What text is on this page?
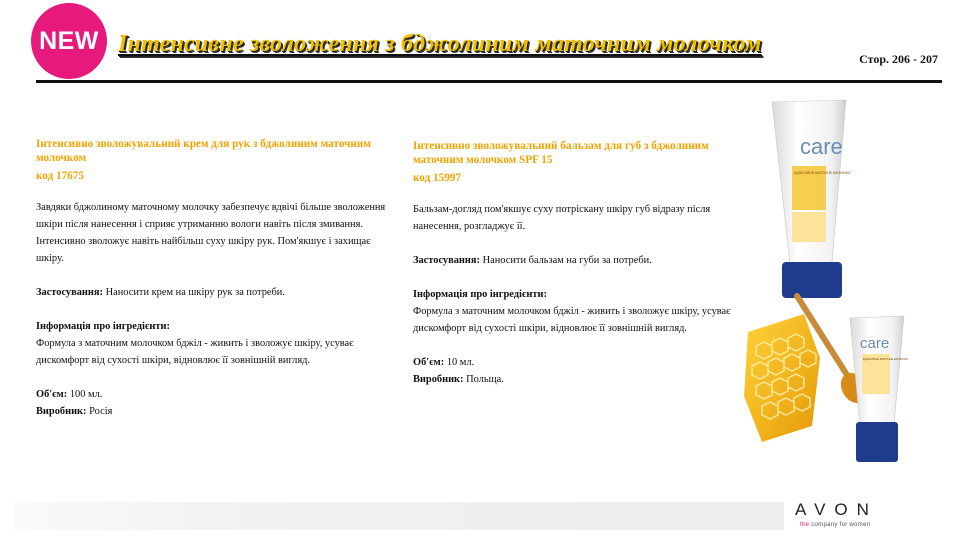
NEW Інтенсивне зволоження з бджолиним маточним молочком
Стор. 206 - 207
Інтенсивно зволожувальний крем для рук з бджолиним маточним молочком
код 17675

Завдяки бджолиному маточному молочку забезпечує вдвічі більше зволоження шкіри після нанесення і сприяє утриманню вологи навіть після змивання. Інтенсивно зволожує навіть найбільш суху шкіру рук. Пом'якшує і захищає шкіру.

Застосування: Наносити крем на шкіру рук за потреби.

Інформація про інгредієнти:

Формула з маточним молочком бджіл - живить і зволожує шкіру, усуває дискомфорт від сухості шкіри, відновлює її зовнішній вигляд.

Об'єм: 100 мл.

Виробник: Росія

Інтенсивно зволожувальний бальзам для губ з бджолиним маточним молочком SPF 15
код 15997

Бальзам-догляд пом'якшує суху потріскану шкіру губ відразу після нанесення, розгладжує її.

Застосування: Наносити бальзам на губи за потреби.

Інформація про інгредієнти:

Формула з маточним молочком бджіл - живить і зволожує шкіру, усуває дискомфорт від сухості шкіри, відновлює її зовнішній вигляд.

Об'єм: 10 мл.

Виробник: Польща.

care
БДЖОЛИНЕ МАТОЧНЕ МОЛОЧКО
care
БДЖОЛИНЕ МАТОЧНЕ МОЛОЧКО
AVON
the company for women
